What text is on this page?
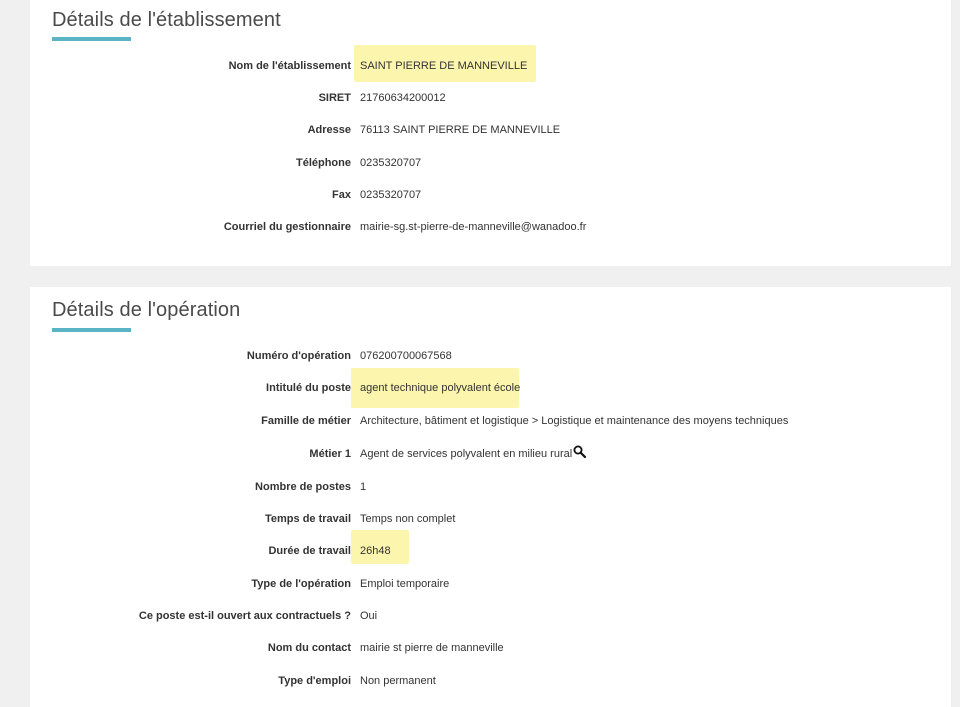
Détails de l'établissement
Nom de l'établissement SAINT PIERRE DE MANNEVILLE
SIRET 21760634200012
Adresse 76113 SAINT PIERRE DE MANNEVILLE
Téléphone 0235320707
Fax 0235320707
Courriel du gestionnaire mairie-sg.st-pierre-de-manneville@wanadoo.fr
Détails de l'opération
Numéro d'opération 076200700067568
Intitulé du poste agent technique polyvalent école
Famille de métier Architecture, bâtiment et logistique > Logistique et maintenance des moyens techniques
Métier 1 Agent de services polyvalent en milieu rural
Nombre de postes 1
Temps de travail Temps non complet
Durée de travail 26h48
Type de l'opération Emploi temporaire
Ce poste est-il ouvert aux contractuels ? Oui
Nom du contact mairie st pierre de manneville
Type d'emploi Non permanent
